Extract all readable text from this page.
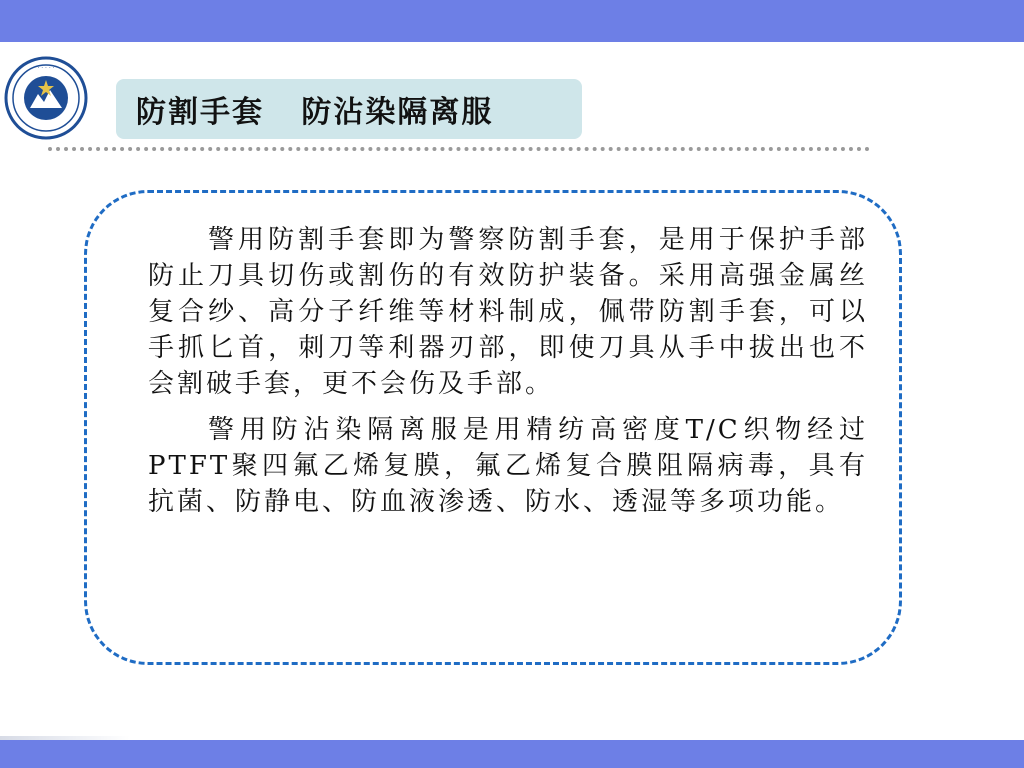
· · · · ·
防割手套   防沾染隔离服

警用防割手套即为警察防割手套，是用于保护手部防止刀具切伤或割伤的有效防护装备。采用高强金属丝复合纱、高分子纤维等材料制成，佩带防割手套，可以手抓匕首，刺刀等利器刃部，即使刀具从手中拔出也不会割破手套，更不会伤及手部。

警用防沾染隔离服是用精纺高密度T/C织物经过PTFT聚四氟乙烯复膜，氟乙烯复合膜阻隔病毒，具有抗菌、防静电、防血液渗透、防水、透湿等多项功能。
